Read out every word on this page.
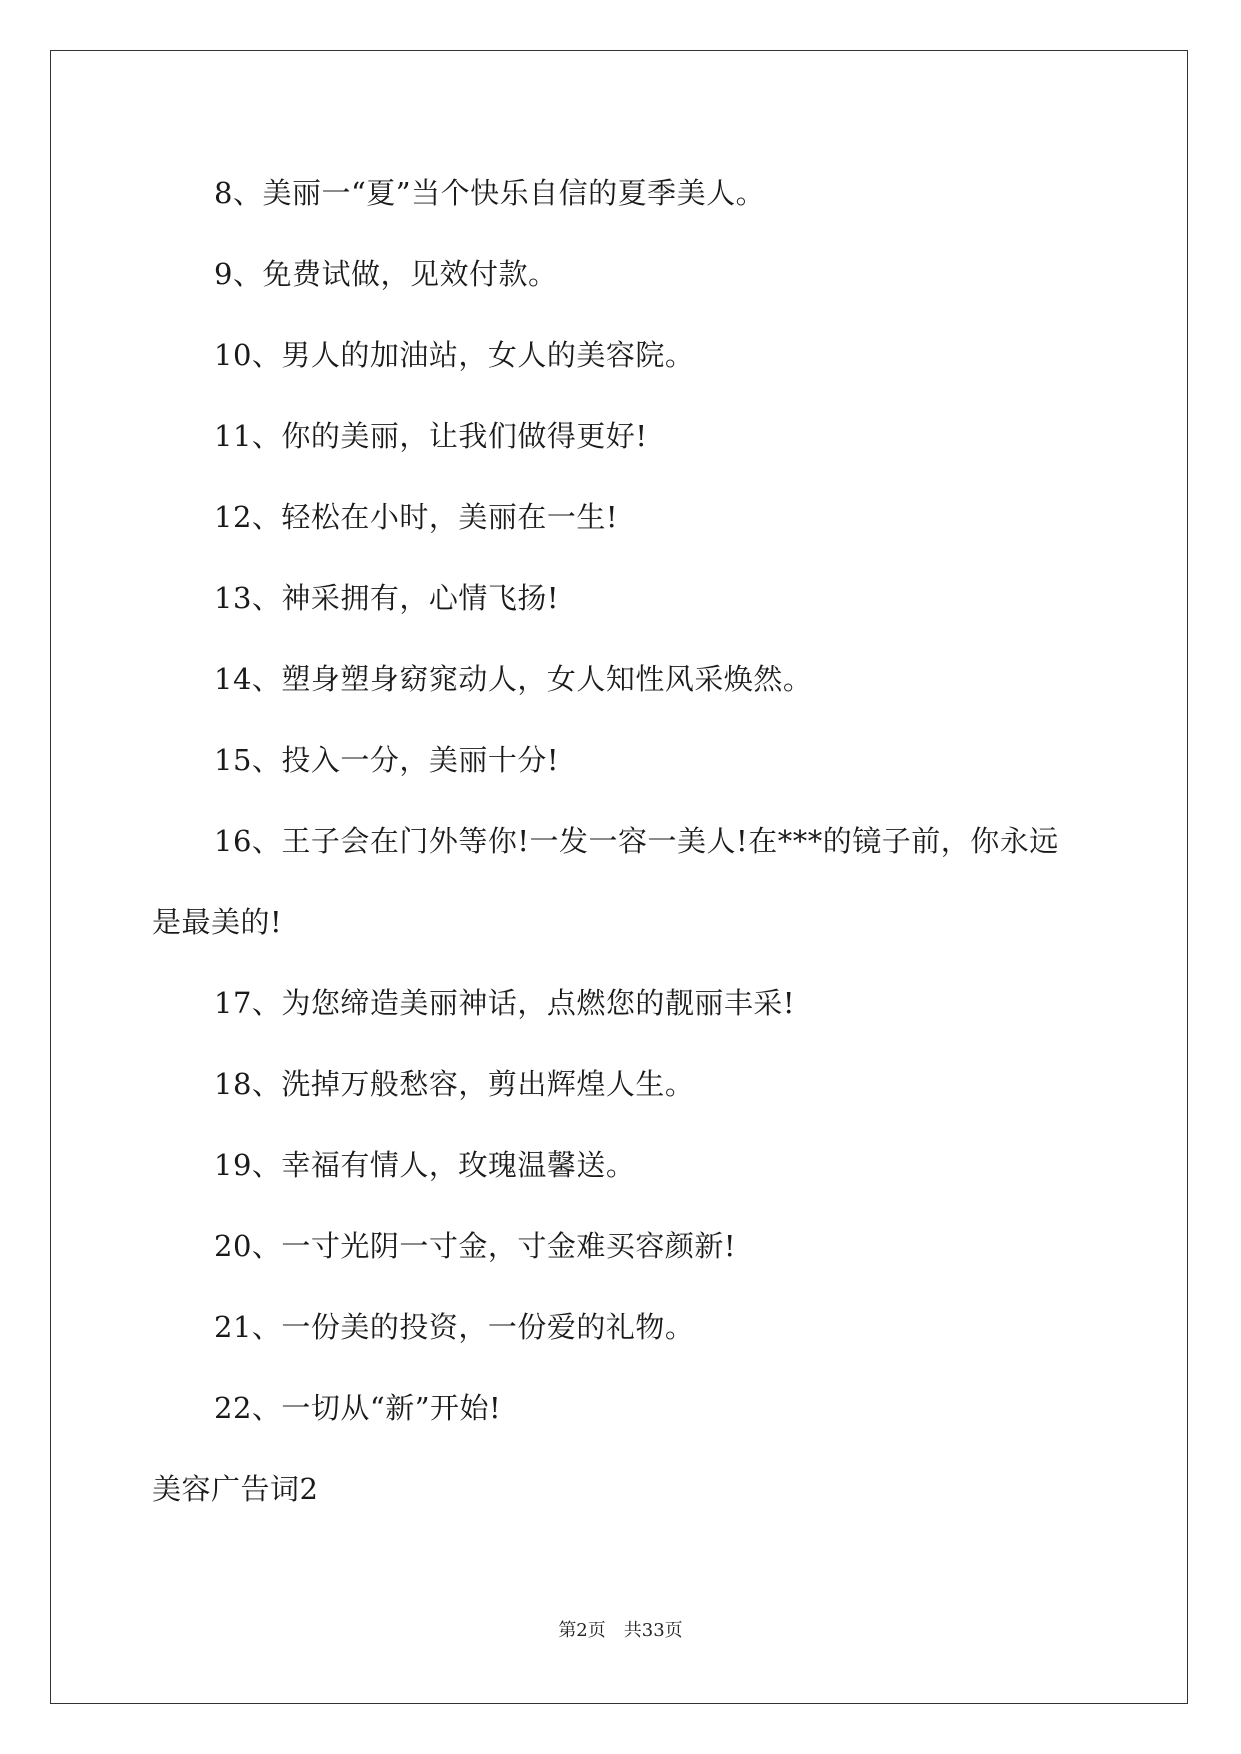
8、美丽一“夏”当个快乐自信的夏季美人。
9、免费试做，见效付款。
10、男人的加油站，女人的美容院。
11、你的美丽，让我们做得更好!
12、轻松在小时，美丽在一生!
13、神采拥有，心情飞扬!
14、塑身塑身窈窕动人，女人知性风采焕然。
15、投入一分，美丽十分!
16、王子会在门外等你!一发一容一美人!在***的镜子前，你永远
是最美的!
17、为您缔造美丽神话，点燃您的靓丽丰采!
18、洗掉万般愁容，剪出辉煌人生。
19、幸福有情人，玫瑰温馨送。
20、一寸光阴一寸金，寸金难买容颜新!
21、一份美的投资，一份爱的礼物。
22、一切从“新”开始!
美容广告词2
第2页 共33页
